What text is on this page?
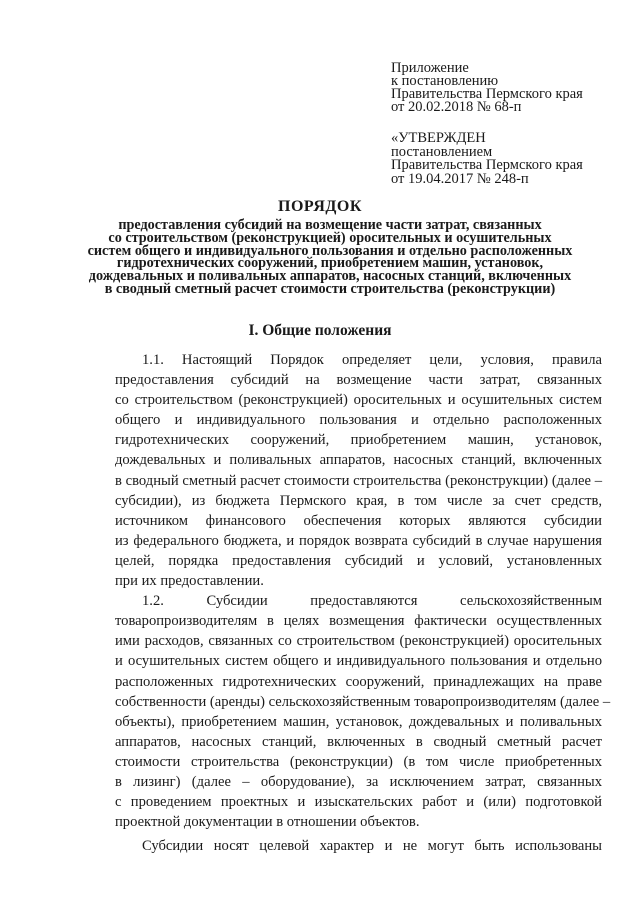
Приложение
к постановлению
Правительства Пермского края
от 20.02.2018 № 68-п
«УТВЕРЖДЕН
постановлением
Правительства Пермского края
от 19.04.2017 № 248-п
ПОРЯДОК
предоставления субсидий на возмещение части затрат, связанных
со строительством (реконструкцией) оросительных и осушительных
систем общего и индивидуального пользования и отдельно расположенных
гидротехнических сооружений, приобретением машин, установок,
дождевальных и поливальных аппаратов, насосных станций, включенных
в сводный сметный расчет стоимости строительства (реконструкции)
I. Общие положения
1.1. Настоящий Порядок определяет цели, условия, правила
предоставления субсидий на возмещение части затрат, связанных
со строительством (реконструкцией) оросительных и осушительных систем
общего и индивидуального пользования и отдельно расположенных
гидротехнических сооружений, приобретением машин, установок,
дождевальных и поливальных аппаратов, насосных станций, включенных
в сводный сметный расчет стоимости строительства (реконструкции) (далее –
субсидии), из бюджета Пермского края, в том числе за счет средств,
источником финансового обеспечения которых являются субсидии
из федерального бюджета, и порядок возврата субсидий в случае нарушения
целей, порядка предоставления субсидий и условий, установленных
при их предоставлении.
1.2. Субсидии предоставляются сельскохозяйственным
товаропроизводителям в целях возмещения фактически осуществленных
ими расходов, связанных со строительством (реконструкцией) оросительных
и осушительных систем общего и индивидуального пользования и отдельно
расположенных гидротехнических сооружений, принадлежащих на праве
собственности (аренды) сельскохозяйственным товаропроизводителям (далее –
объекты), приобретением машин, установок, дождевальных и поливальных
аппаратов, насосных станций, включенных в сводный сметный расчет
стоимости строительства (реконструкции) (в том числе приобретенных
в лизинг) (далее – оборудование), за исключением затрат, связанных
с проведением проектных и изыскательских работ и (или) подготовкой
проектной документации в отношении объектов.
Субсидии носят целевой характер и не могут быть использованы
